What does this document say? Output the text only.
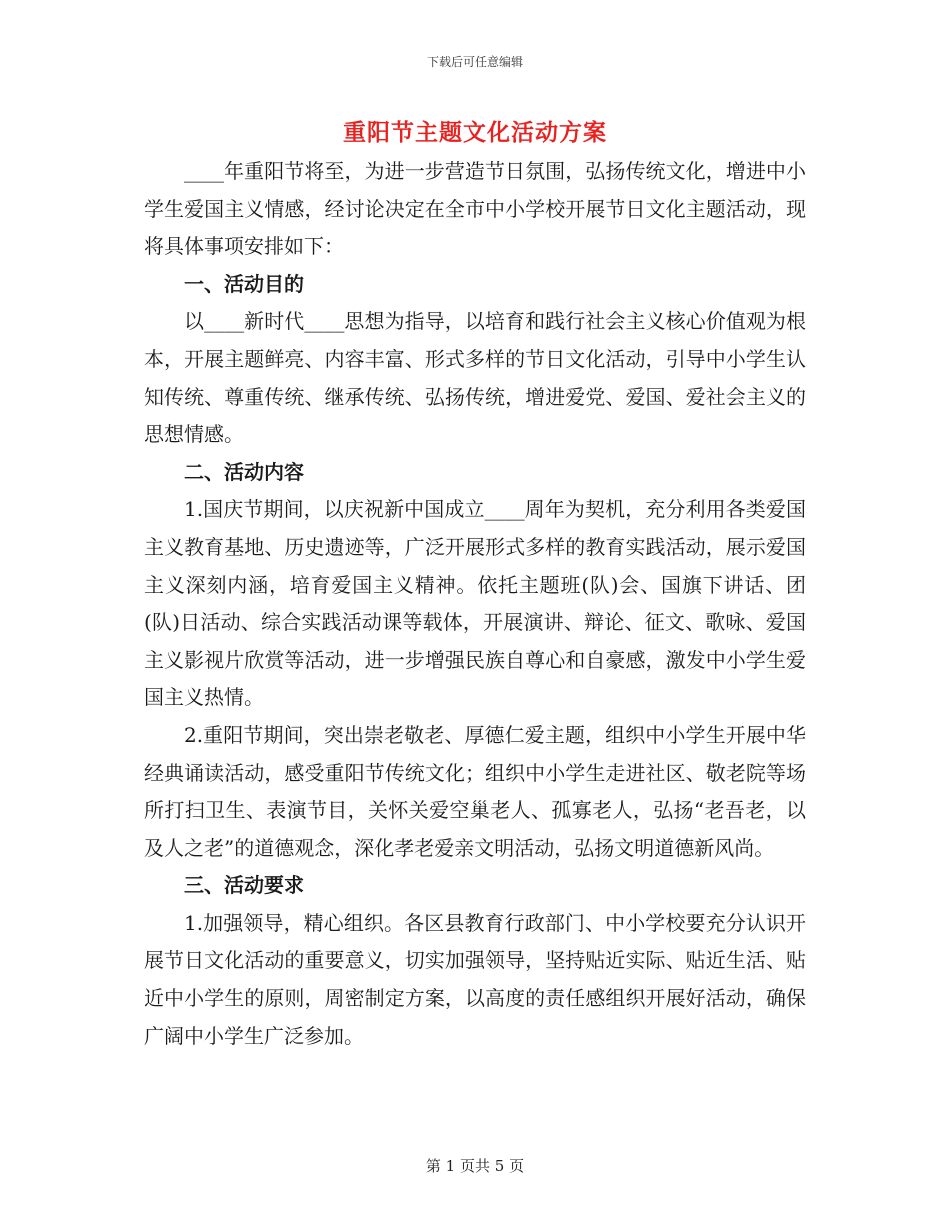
下载后可任意编辑
重阳节主题文化活动方案

____年重阳节将至，为进一步营造节日氛围，弘扬传统文化，增进中小学生爱国主义情感，经讨论决定在全市中小学校开展节日文化主题活动，现将具体事项安排如下：

一、活动目的

以____新时代____思想为指导，以培育和践行社会主义核心价值观为根本，开展主题鲜亮、内容丰富、形式多样的节日文化活动，引导中小学生认知传统、尊重传统、继承传统、弘扬传统，增进爱党、爱国、爱社会主义的思想情感。

二、活动内容

1.国庆节期间，以庆祝新中国成立____周年为契机，充分利用各类爱国主义教育基地、历史遗迹等，广泛开展形式多样的教育实践活动，展示爱国主义深刻内涵，培育爱国主义精神。依托主题班(队)会、国旗下讲话、团(队)日活动、综合实践活动课等载体，开展演讲、辩论、征文、歌咏、爱国主义影视片欣赏等活动，进一步增强民族自尊心和自豪感，激发中小学生爱国主义热情。

2.重阳节期间，突出崇老敬老、厚德仁爱主题，组织中小学生开展中华经典诵读活动，感受重阳节传统文化；组织中小学生走进社区、敬老院等场所打扫卫生、表演节目，关怀关爱空巢老人、孤寡老人，弘扬“老吾老，以及人之老”的道德观念，深化孝老爱亲文明活动，弘扬文明道德新风尚。

三、活动要求

1.加强领导，精心组织。各区县教育行政部门、中小学校要充分认识开展节日文化活动的重要意义，切实加强领导，坚持贴近实际、贴近生活、贴近中小学生的原则，周密制定方案，以高度的责任感组织开展好活动，确保广阔中小学生广泛参加。

第 1 页共 5 页
